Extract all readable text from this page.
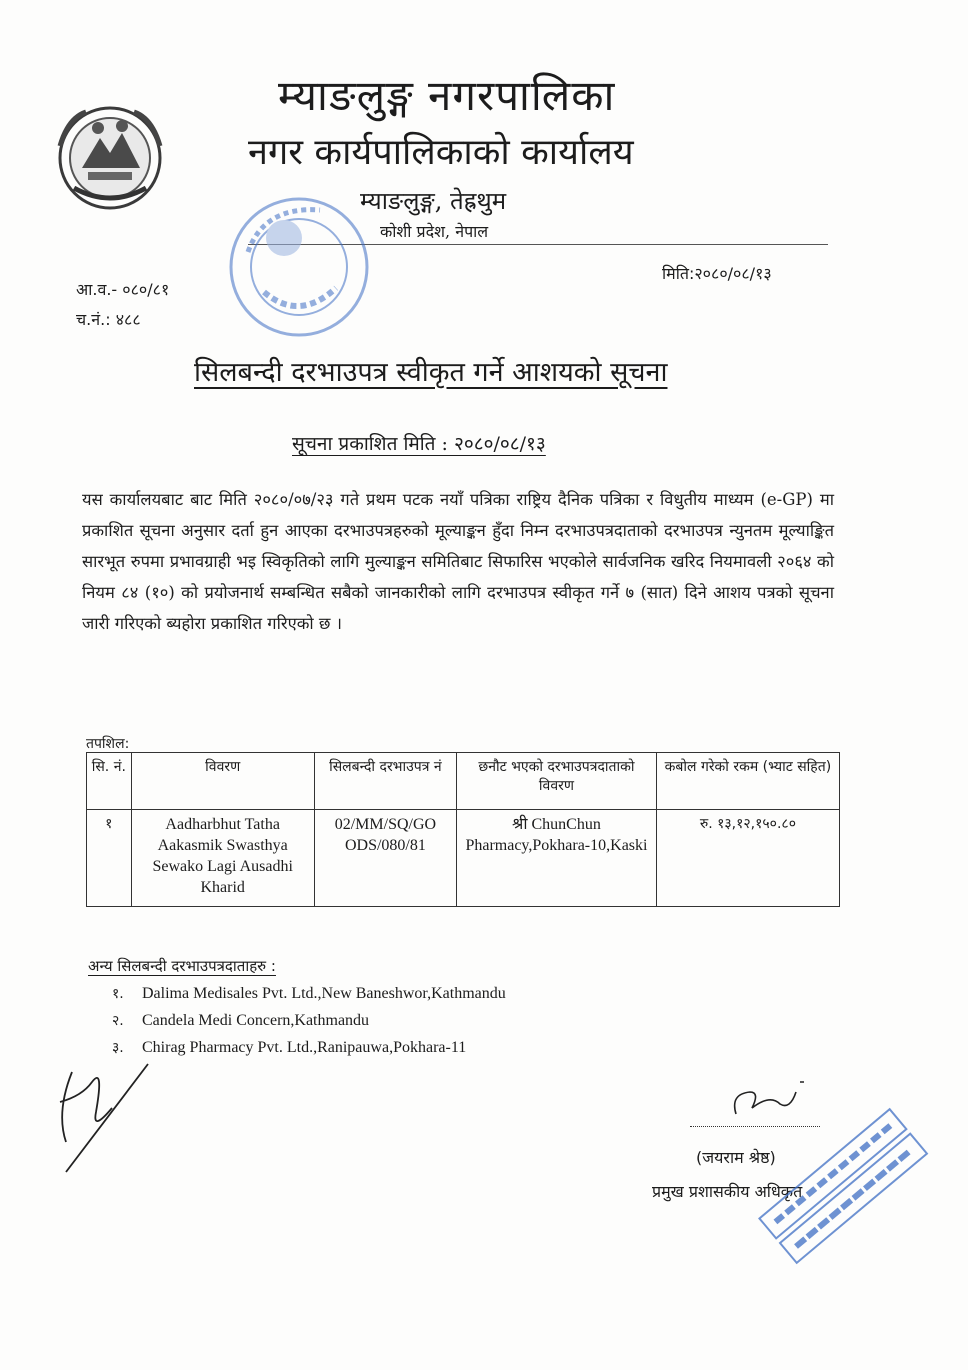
म्याङलुङ्ग नगरपालिका
नगर कार्यपालिकाको कार्यालय
म्याङलुङ्ग, तेह्रथुम
कोशी प्रदेश, नेपाल
आ.व.- ०८०/८१
च.नं.: ४८८
मिति:२०८०/०८/१३
सिलबन्दी दरभाउपत्र स्वीकृत गर्ने आशयको सूचना
सूचना प्रकाशित मिति : २०८०/०८/१३
यस कार्यालयबाट बाट मिति २०८०/०७/२३ गते प्रथम पटक नयाँ पत्रिका राष्ट्रिय दैनिक पत्रिका र विधुतीय माध्यम (e-GP) मा प्रकाशित सूचना अनुसार दर्ता हुन आएका दरभाउपत्रहरुको मूल्याङ्कन हुँदा निम्न दरभाउपत्रदाताको दरभाउपत्र न्युनतम मूल्याङ्कित सारभूत रुपमा प्रभावग्राही भइ स्विकृतिको लागि मुल्याङ्कन समितिबाट सिफारिस भएकोले सार्वजनिक खरिद नियमावली २०६४ को नियम ८४ (१०) को प्रयोजनार्थ सम्बन्धित सबैको जानकारीको लागि दरभाउपत्र स्वीकृत गर्ने ७ (सात) दिने आशय पत्रको सूचना जारी गरिएको ब्यहोरा प्रकाशित गरिएको छ ।
तपशिल:
सि. नं.	विवरण	सिलबन्दी दरभाउपत्र नं	छनौट भएको दरभाउपत्रदाताको विवरण	कबोल गरेको रकम (भ्याट सहित)
१	Aadharbhut Tatha Aakasmik Swasthya Sewako Lagi Ausadhi Kharid	02/MM/SQ/GO ODS/080/81	श्री ChunChun Pharmacy,Pokhara-10,Kaski	रु. १३,१२,१५०.८०
अन्य सिलबन्दी दरभाउपत्रदाताहरु :
१. Dalima Medisales Pvt. Ltd.,New Baneshwor,Kathmandu
२. Candela Medi Concern,Kathmandu
३. Chirag Pharmacy Pvt. Ltd.,Ranipauwa,Pokhara-11
(जयराम श्रेष्ठ)
प्रमुख प्रशासकीय अधिकृत
